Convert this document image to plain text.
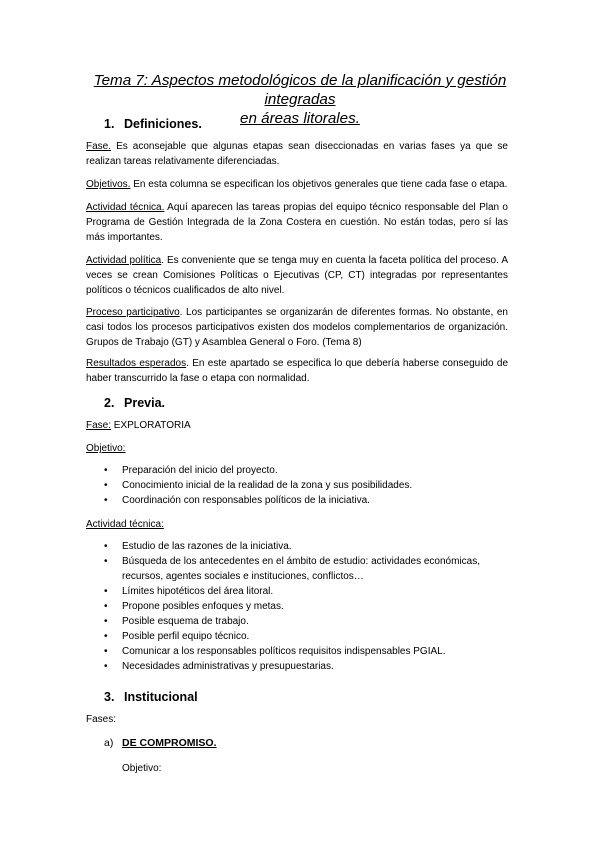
Tema 7: Aspectos metodológicos de la planificación y gestión integradas
en áreas litorales.
1. Definiciones.
Fase. Es aconsejable que algunas etapas sean diseccionadas en varias fases ya que se realizan tareas relativamente diferenciadas.
Objetivos. En esta columna se especifican los objetivos generales que tiene cada fase o etapa.
Actividad técnica. Aquí aparecen las tareas propias del equipo técnico responsable del Plan o Programa de Gestión Integrada de la Zona Costera en cuestión. No están todas, pero sí las más importantes.
Actividad política. Es conveniente que se tenga muy en cuenta la faceta política del proceso. A veces se crean Comisiones Políticas o Ejecutivas (CP, CT) integradas por representantes políticos o técnicos cualificados de alto nivel.
Proceso participativo. Los participantes se organizarán de diferentes formas. No obstante, en casi todos los procesos participativos existen dos modelos complementarios de organización. Grupos de Trabajo (GT) y Asamblea General o Foro. (Tema 8)
Resultados esperados. En este apartado se especifica lo que debería haberse conseguido de haber transcurrido la fase o etapa con normalidad.
2. Previa.
Fase: EXPLORATORIA
Objetivo:
• Preparación del inicio del proyecto.
• Conocimiento inicial de la realidad de la zona y sus posibilidades.
• Coordinación con responsables políticos de la iniciativa.
Actividad técnica:
• Estudio de las razones de la iniciativa.
• Búsqueda de los antecedentes en el ámbito de estudio: actividades económicas, recursos, agentes sociales e instituciones, conflictos…
• Límites hipotéticos del área litoral.
• Propone posibles enfoques y metas.
• Posible esquema de trabajo.
• Posible perfil equipo técnico.
• Comunicar a los responsables políticos requisitos indispensables PGIAL.
• Necesidades administrativas y presupuestarias.
3. Institucional
Fases:
a) DE COMPROMISO.
Objetivo:
